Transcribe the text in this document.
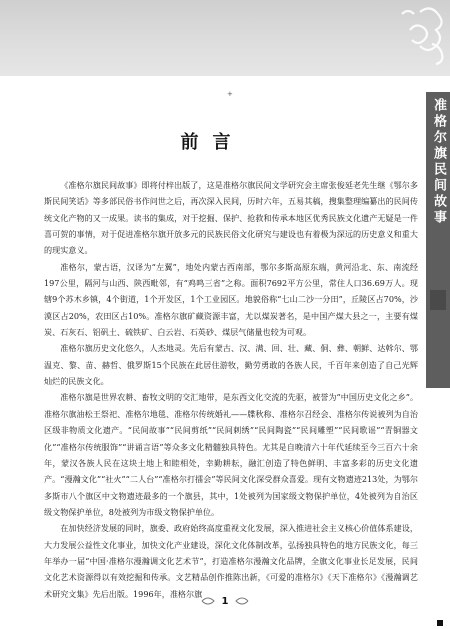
准格尔旗民间故事
+
前言

《准格尔旗民间故事》即将付梓出版了，这是准格尔旗民间文学研究会主席张俊延老先生继《鄂尔多斯民间笑话》等多部民俗书作问世之后，再次深入民间，历时六年，五易其稿，搜集整理编纂出的民间传统文化产物的又一成果。读书的集成，对于挖掘、保护、抢救和传承本地区优秀民族文化遗产无疑是一件喜可贺的事情，对于促进准格尔旗开放多元的民族民俗文化研究与建设也有着极为深远的历史意义和重大的现实意义。

准格尔，蒙古语，汉译为“左翼”，地处内蒙古西南部，鄂尔多斯高原东端，黄河沿北、东、南流经197公里，隔河与山西、陕西毗邻，有“鸡鸣三省”之称。面积7692平方公里，常住人口36.69万人。现辖9个苏木乡镇，4个街道，1个开发区，1个工业园区。地貌俗称“七山二沙一分田”，丘陵区占70%，沙漠区占20%，农田区占10%。准格尔旗矿藏资源丰富，尤以煤炭著名，是中国产煤大县之一，主要有煤炭、石灰石、铝矾土、硫铁矿、白云岩、石英砂、煤层气储量也较为可观。

准格尔旗历史文化悠久，人杰地灵。先后有蒙古、汉、满、回、壮、藏、侗、彝、朝鲜、达斡尔、鄂温克、黎、苗、赫哲、俄罗斯15个民族在此居住游牧，勤劳勇敢的各族人民，千百年来创造了自己光辉灿烂的民族文化。

准格尔旗是世界农耕、畜牧文明的交汇地带，是东西文化交流的先驱，被誉为“中国历史文化之乡”。准格尔旗油松王祭祀、准格尔地毯、准格尔传统婚礼——牒秋称、准格尔召经会、准格尔传说被列为自治区级非物质文化遗产。“民间故事”“民间剪纸”“民间刺绣”“民间陶瓷”“民间雕塑”“民间歌谣”“青铜器文化”“准格尔传统服饰”“讲诵言语”等众多文化精髓独具特色。尤其是自晚清六十年代延续至今三百六十余年，蒙汉各族人民在这块土地上和睦相处，幸勤耕耘，融汇创造了特色鲜明、丰富多彩的历史文化遗产。“漫瀚文化”“社火”“二人台”“准格尔打擂会”等民间文化深受群众喜爱。现有文物遗迹213处，为鄂尔多斯市八个旗区中文物遗迹最多的一个旗县，其中，1处被列为国家级文物保护单位，4处被列为自治区级文物保护单位，8处被列为市级文物保护单位。

在加快经济发展的同时，旗委、政府始终高度重视文化发展，深入推进社会主义核心价值体系建设，大力发展公益性文化事业，加快文化产业建设，深化文化体制改革，弘扬独具特色的地方民族文化，每三年举办一届“中国·准格尔漫瀚调文化艺术节”，打造准格尔漫瀚文化品牌，全旗文化事业长足发展，民间文化艺术资源得以有效挖掘和传承。文艺精品创作推陈出新，《可爱的准格尔》《天下准格尔》《漫瀚调艺术研究文集》先后出版。1996年，准格尔旗

1
